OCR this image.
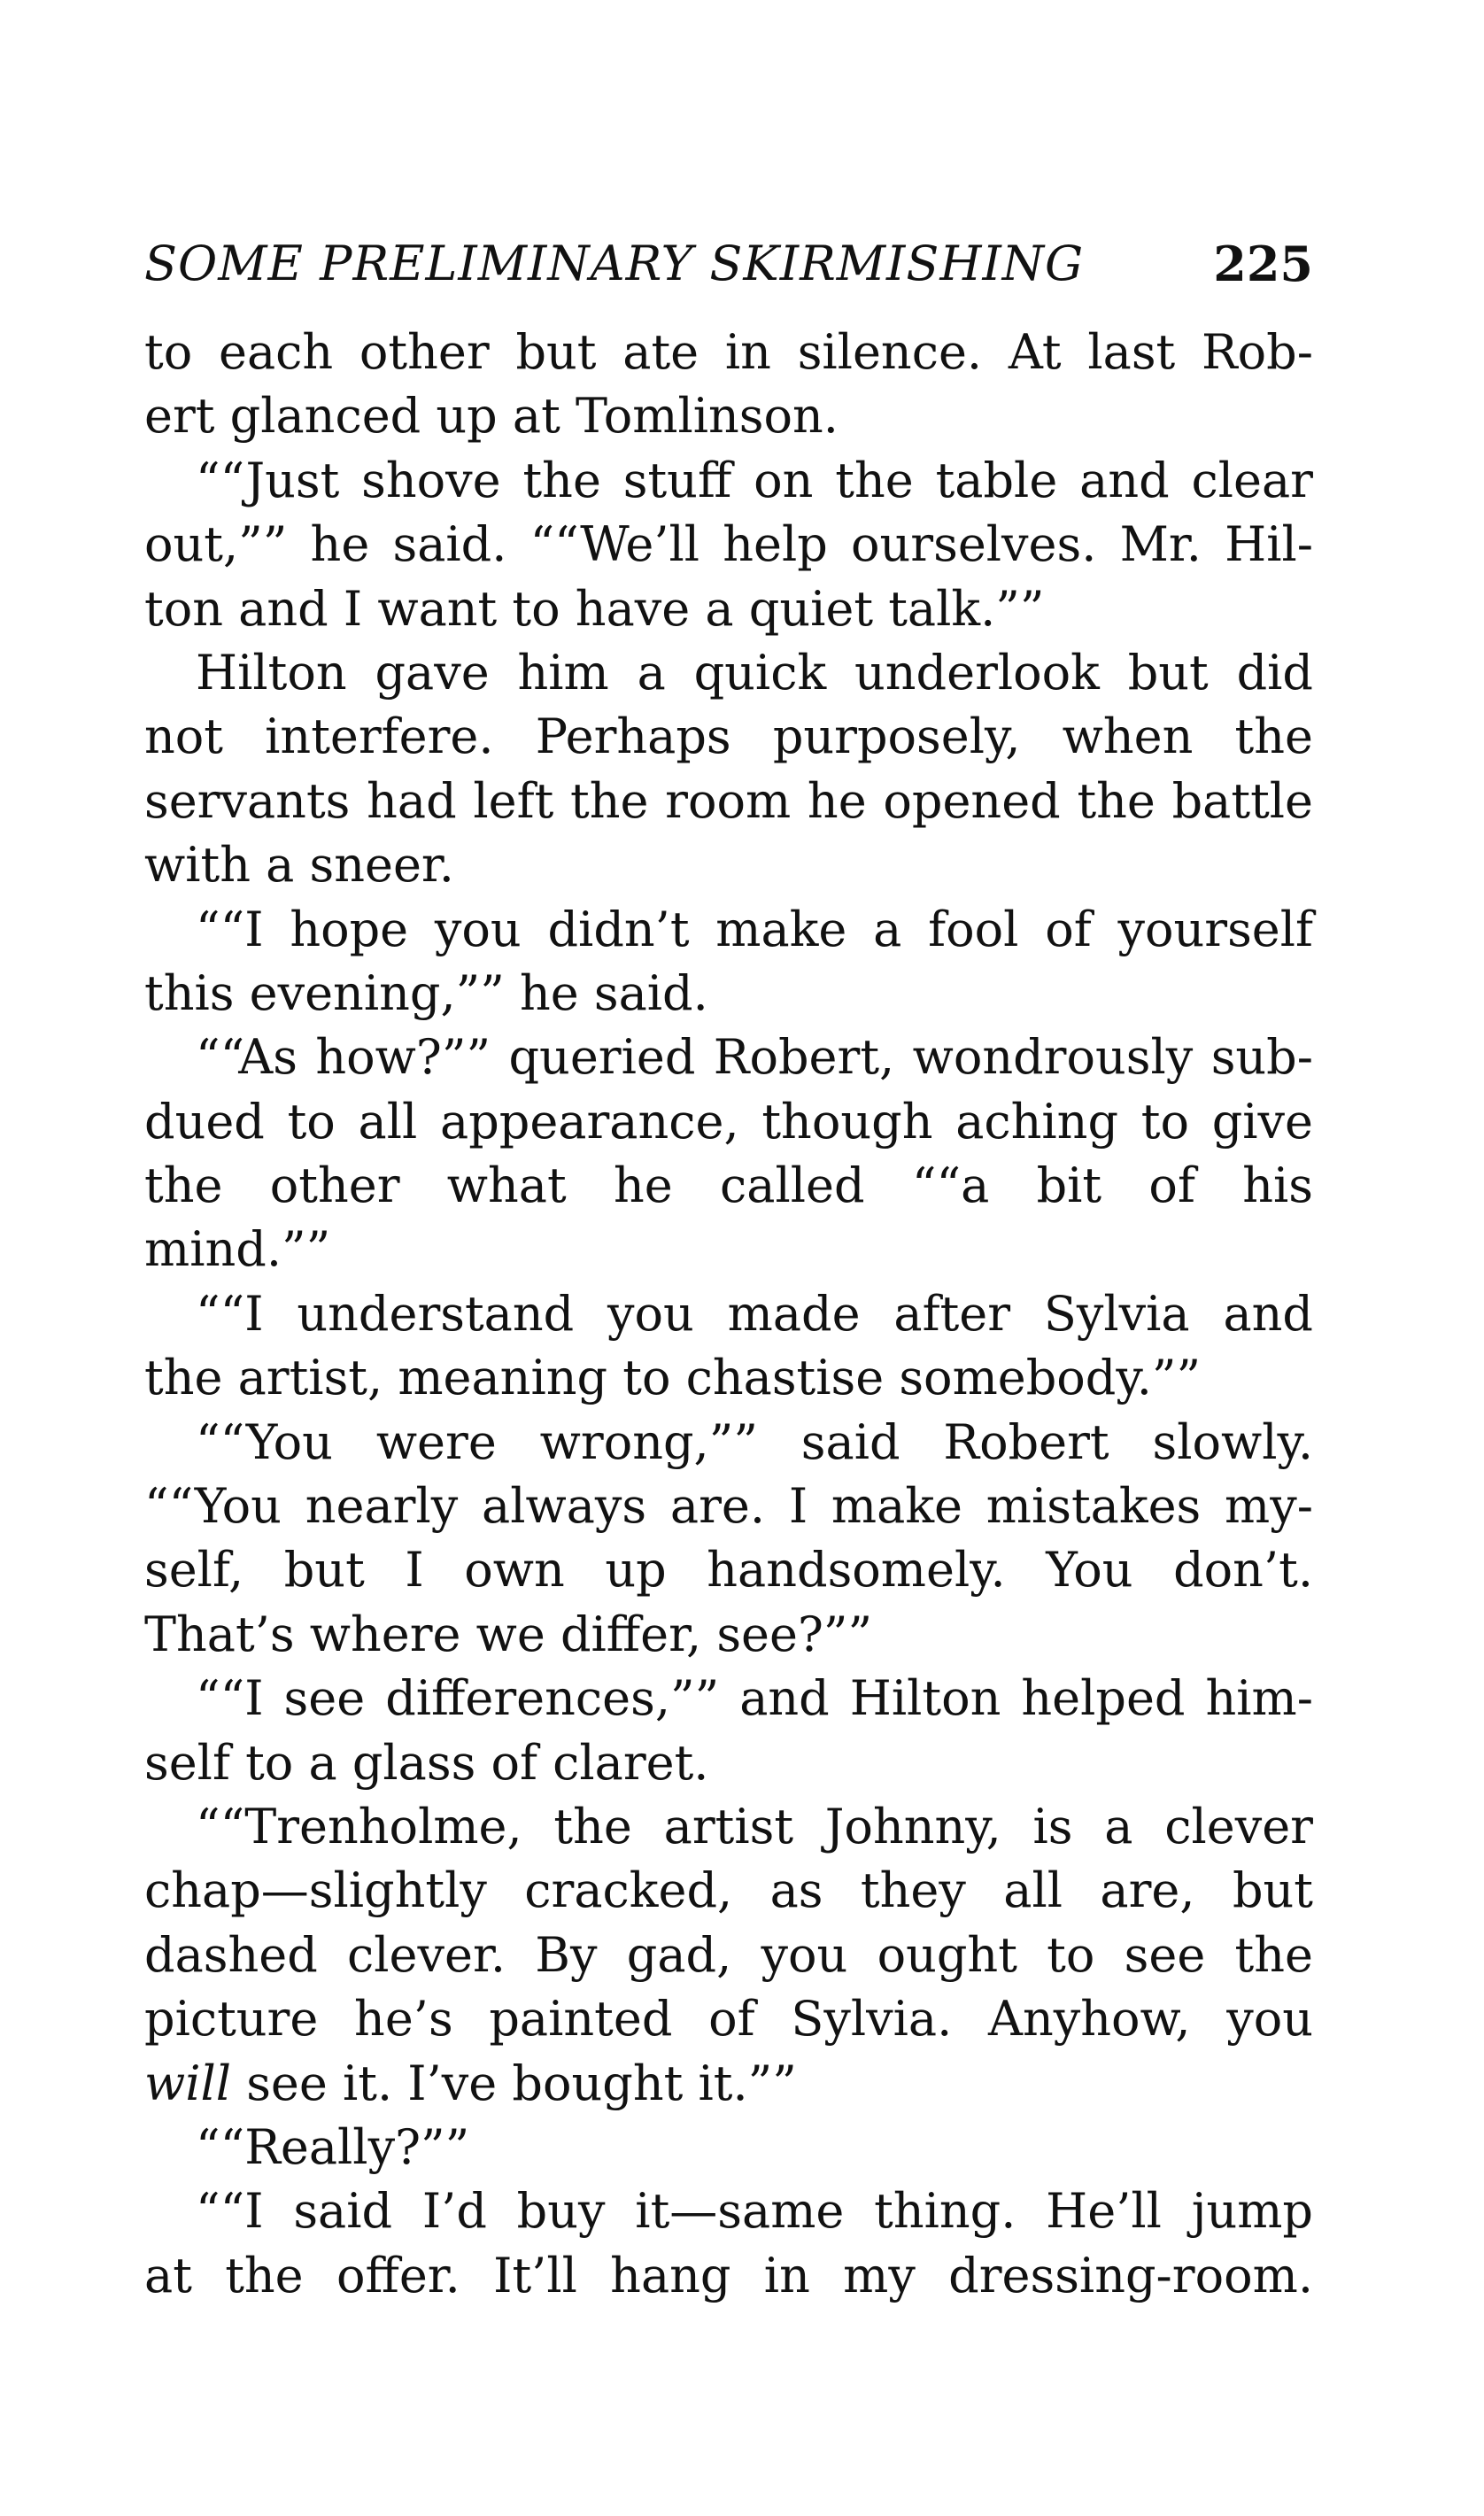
SOME PRELIMINARY SKIRMISHING	225
to each other but ate in silence. At last Rob-
ert glanced up at Tomlinson.
““Just shove the stuff on the table and clear
out,”” he said. ““We’ll help ourselves. Mr. Hil-
ton and I want to have a quiet talk.””
Hilton gave him a quick underlook but did
not interfere. Perhaps purposely, when the
servants had left the room he opened the battle
with a sneer.
““I hope you didn’t make a fool of yourself
this evening,”” he said.
““As how?”” queried Robert, wondrously sub-
dued to all appearance, though aching to give
the other what he called ““a bit of his
mind.””
““I understand you made after Sylvia and
the artist, meaning to chastise somebody.””
““You were wrong,”” said Robert slowly.
““You nearly always are. I make mistakes my-
self, but I own up handsomely. You don’t.
That’s where we differ, see?””
““I see differences,”” and Hilton helped him-
self to a glass of claret.
““Trenholme, the artist Johnny, is a clever
chap—slightly cracked, as they all are, but
dashed clever. By gad, you ought to see the
picture he’s painted of Sylvia. Anyhow, you
will see it. I’ve bought it.””
““Really?””
““I said I’d buy it—same thing. He’ll jump
at the offer. It’ll hang in my dressing-room.
